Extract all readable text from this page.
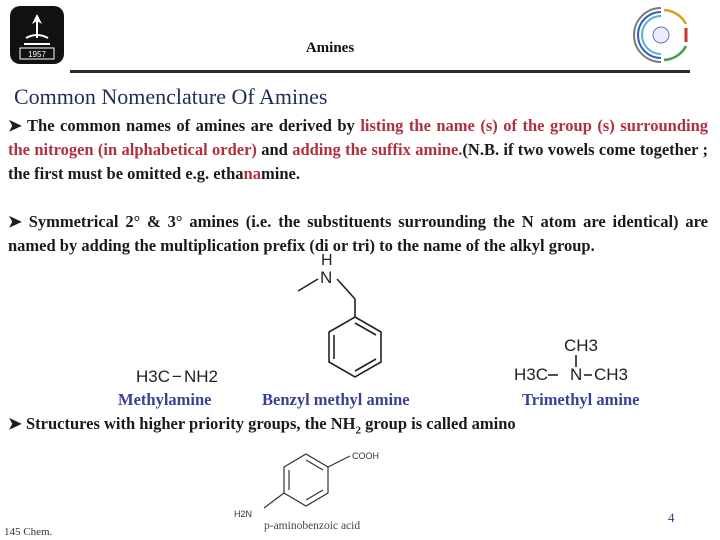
1957	Amines
Common Nomenclature Of Amines
➤ The common names of amines are derived by listing the name (s) of the group (s) surrounding the nitrogen (in alphabetical order) and adding the suffix amine.(N.B. if two vowels come together ; the first must be omitted e.g. ethanamine.
➤ Symmetrical 2° & 3° amines (i.e. the substituents surrounding the N atom are identical) are named by adding the multiplication prefix (di or tri) to the name of the alkyl group.
H3C − NH2
H
N
CH3
H3C N CH3
Methylamine	Benzyl methyl amine	Trimethyl amine
➤ Structures with higher priority groups, the $NH_2$ group is called amino
COOH
H2N
p-aminobenzoic acid
145 Chem.
4
